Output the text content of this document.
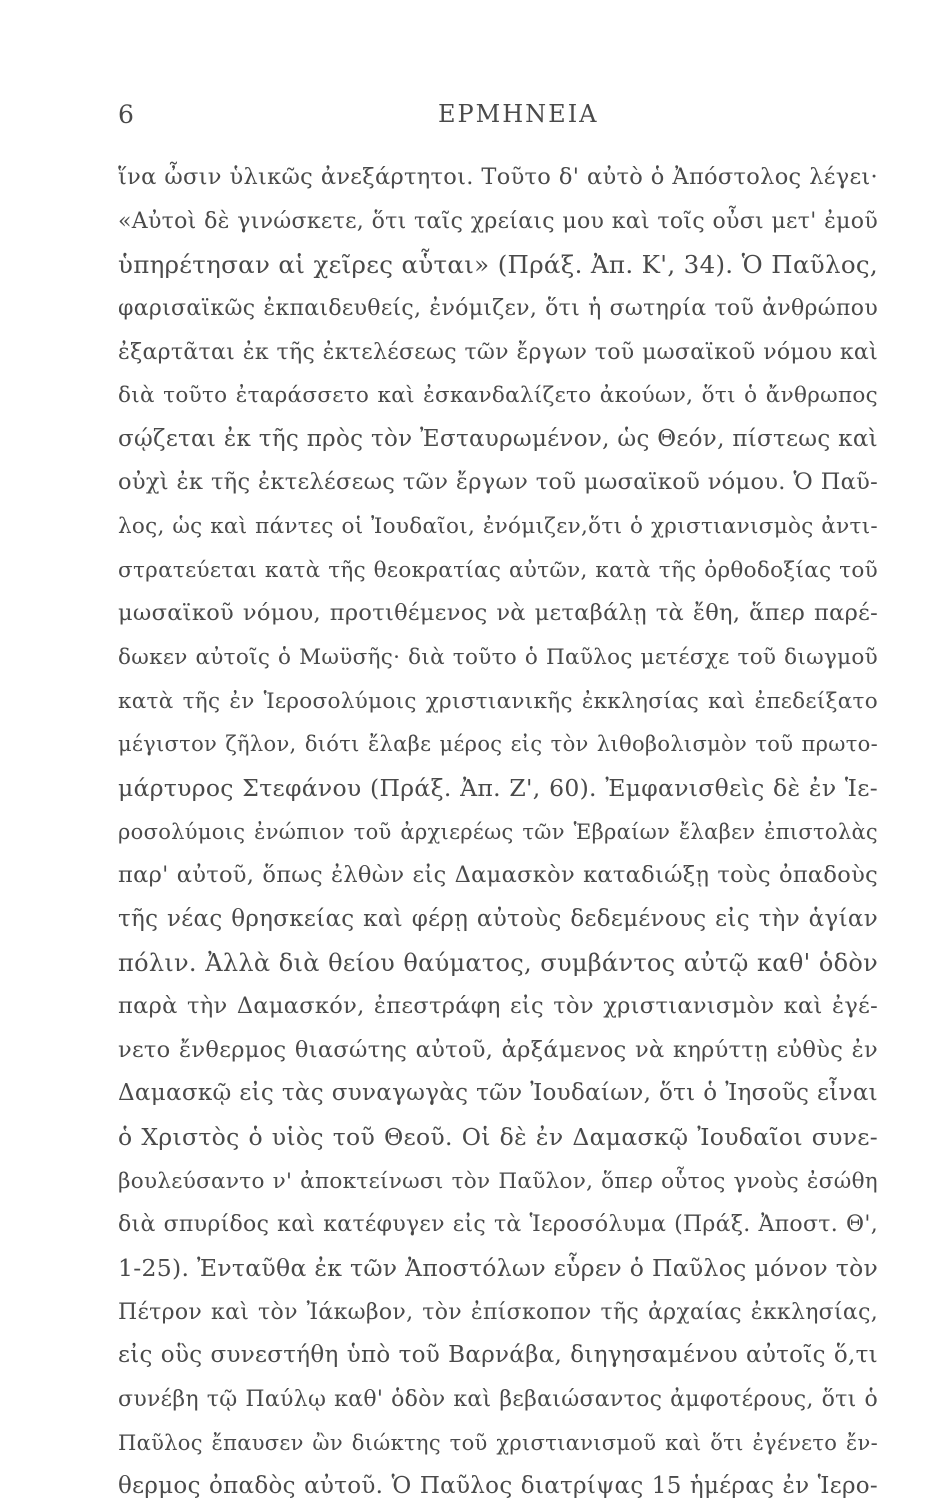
6	ΕΡΜΗΝΕΙΑ
ἵνα ὦσιν ὑλικῶς ἀνεξάρτητοι. Τοῦτο δ' αὐτὸ ὁ Ἀπόστολος λέγει·
«Αὐτοὶ δὲ γινώσκετε, ὅτι ταῖς χρείαις μου καὶ τοῖς οὖσι μετ' ἐμοῦ
ὑπηρέτησαν αἱ χεῖρες αὗται» (Πράξ. Ἀπ. Κ', 34). Ὁ Παῦλος,
φαρισαϊκῶς ἐκπαιδευθείς, ἐνόμιζεν, ὅτι ἡ σωτηρία τοῦ ἀνθρώπου
ἐξαρτᾶται ἐκ τῆς ἐκτελέσεως τῶν ἔργων τοῦ μωσαϊκοῦ νόμου καὶ
διὰ τοῦτο ἐταράσσετο καὶ ἐσκανδαλίζετο ἀκούων, ὅτι ὁ ἄνθρωπος
σῴζεται ἐκ τῆς πρὸς τὸν Ἐσταυρωμένον, ὡς Θεόν, πίστεως καὶ
οὐχὶ ἐκ τῆς ἐκτελέσεως τῶν ἔργων τοῦ μωσαϊκοῦ νόμου. Ὁ Παῦ-
λος, ὡς καὶ πάντες οἱ Ἰουδαῖοι, ἐνόμιζεν,ὅτι ὁ χριστιανισμὸς ἀντι-
στρατεύεται κατὰ τῆς θεοκρατίας αὐτῶν, κατὰ τῆς ὀρθοδοξίας τοῦ
μωσαϊκοῦ νόμου, προτιθέμενος νὰ μεταβάλῃ τὰ ἔθη, ἅπερ παρέ-
δωκεν αὐτοῖς ὁ Μωϋσῆς· διὰ τοῦτο ὁ Παῦλος μετέσχε τοῦ διωγμοῦ
κατὰ τῆς ἐν Ἱεροσολύμοις χριστιανικῆς ἐκκλησίας καὶ ἐπεδείξατο
μέγιστον ζῆλον, διότι ἔλαβε μέρος εἰς τὸν λιθοβολισμὸν τοῦ πρωτο-
μάρτυρος Στεφάνου (Πράξ. Ἀπ. Ζ', 60). Ἐμφανισθεὶς δὲ ἐν Ἱε-
ροσολύμοις ἐνώπιον τοῦ ἀρχιερέως τῶν Ἑβραίων ἔλαβεν ἐπιστολὰς
παρ' αὐτοῦ, ὅπως ἐλθὼν εἰς Δαμασκὸν καταδιώξῃ τοὺς ὀπαδοὺς
τῆς νέας θρησκείας καὶ φέρῃ αὐτοὺς δεδεμένους εἰς τὴν ἁγίαν
πόλιν. Ἀλλὰ διὰ θείου θαύματος, συμβάντος αὐτῷ καθ' ὁδὸν
παρὰ τὴν Δαμασκόν, ἐπεστράφη εἰς τὸν χριστιανισμὸν καὶ ἐγέ-
νετο ἔνθερμος θιασώτης αὐτοῦ, ἀρξάμενος νὰ κηρύττῃ εὐθὺς ἐν
Δαμασκῷ εἰς τὰς συναγωγὰς τῶν Ἰουδαίων, ὅτι ὁ Ἰησοῦς εἶναι
ὁ Χριστὸς ὁ υἱὸς τοῦ Θεοῦ. Οἱ δὲ ἐν Δαμασκῷ Ἰουδαῖοι συνε-
βουλεύσαντο ν' ἀποκτείνωσι τὸν Παῦλον, ὅπερ οὗτος γνοὺς ἐσώθη
διὰ σπυρίδος καὶ κατέφυγεν εἰς τὰ Ἱεροσόλυμα (Πράξ. Ἀποστ. Θ',
1-25). Ἐνταῦθα ἐκ τῶν Ἀποστόλων εὗρεν ὁ Παῦλος μόνον τὸν
Πέτρον καὶ τὸν Ἰάκωβον, τὸν ἐπίσκοπον τῆς ἀρχαίας ἐκκλησίας,
εἰς οὓς συνεστήθη ὑπὸ τοῦ Βαρνάβα, διηγησαμένου αὐτοῖς ὅ,τι
συνέβη τῷ Παύλῳ καθ' ὁδὸν καὶ βεβαιώσαντος ἀμφοτέρους, ὅτι ὁ
Παῦλος ἔπαυσεν ὢν διώκτης τοῦ χριστιανισμοῦ καὶ ὅτι ἐγένετο ἔν-
θερμος ὀπαδὸς αὐτοῦ. Ὁ Παῦλος διατρίψας 15 ἡμέρας ἐν Ἱερο-
